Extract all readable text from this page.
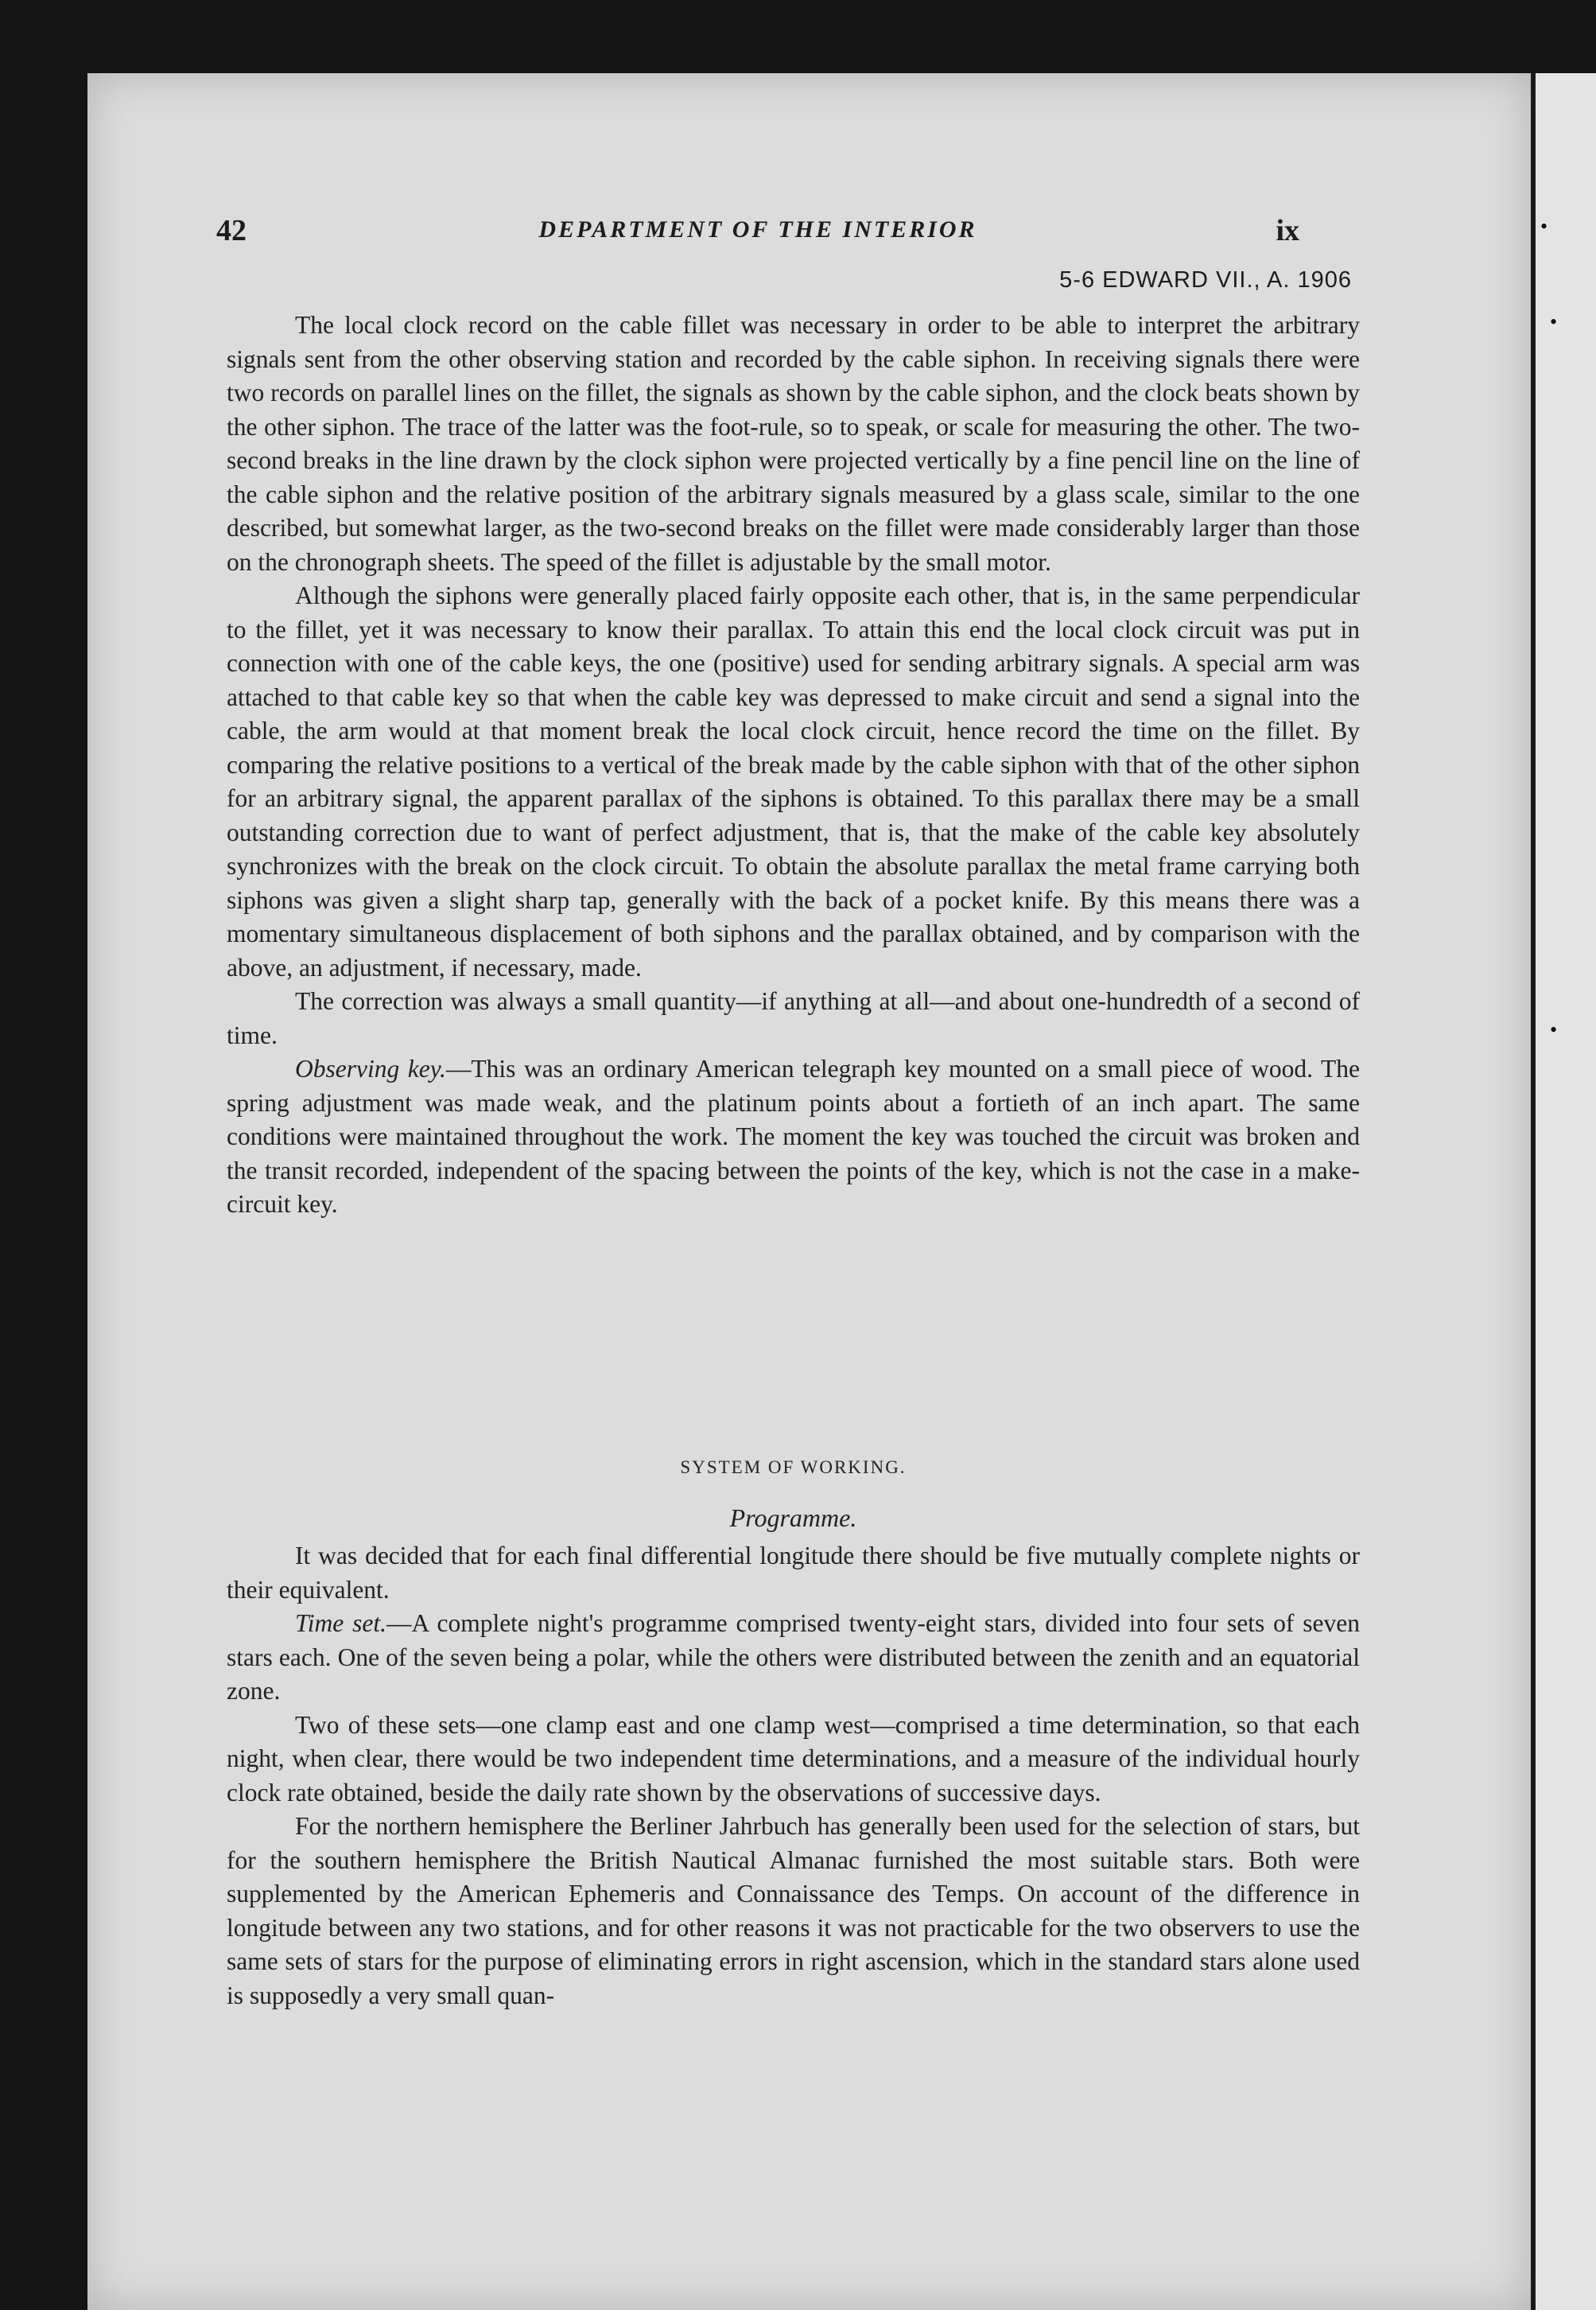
•
•
•
42	DEPARTMENT OF THE INTERIOR	ix
5-6 EDWARD VII., A. 1906

The local clock record on the cable fillet was necessary in order to be able to interpret the arbitrary signals sent from the other observing station and recorded by the cable siphon. In receiving signals there were two records on parallel lines on the fillet, the signals as shown by the cable siphon, and the clock beats shown by the other siphon. The trace of the latter was the foot-rule, so to speak, or scale for measuring the other. The two-second breaks in the line drawn by the clock siphon were projected vertically by a fine pencil line on the line of the cable siphon and the relative position of the arbitrary signals measured by a glass scale, similar to the one described, but somewhat larger, as the two-second breaks on the fillet were made considerably larger than those on the chronograph sheets. The speed of the fillet is adjustable by the small motor.

Although the siphons were generally placed fairly opposite each other, that is, in the same perpendicular to the fillet, yet it was necessary to know their parallax. To attain this end the local clock circuit was put in connection with one of the cable keys, the one (positive) used for sending arbitrary signals. A special arm was attached to that cable key so that when the cable key was depressed to make circuit and send a signal into the cable, the arm would at that moment break the local clock circuit, hence record the time on the fillet. By comparing the relative positions to a vertical of the break made by the cable siphon with that of the other siphon for an arbitrary signal, the apparent parallax of the siphons is obtained. To this parallax there may be a small outstanding correction due to want of perfect adjustment, that is, that the make of the cable key absolutely synchronizes with the break on the clock circuit. To obtain the absolute parallax the metal frame carrying both siphons was given a slight sharp tap, generally with the back of a pocket knife. By this means there was a momentary simultaneous displacement of both siphons and the parallax obtained, and by comparison with the above, an adjustment, if necessary, made.

The correction was always a small quantity—if anything at all—and about one-hundredth of a second of time.

Observing key.—This was an ordinary American telegraph key mounted on a small piece of wood. The spring adjustment was made weak, and the platinum points about a fortieth of an inch apart. The same conditions were maintained throughout the work. The moment the key was touched the circuit was broken and the transit recorded, independent of the spacing between the points of the key, which is not the case in a make-circuit key.

SYSTEM OF WORKING.
Programme.

It was decided that for each final differential longitude there should be five mutually complete nights or their equivalent.

Time set.—A complete night's programme comprised twenty-eight stars, divided into four sets of seven stars each. One of the seven being a polar, while the others were distributed between the zenith and an equatorial zone.

Two of these sets—one clamp east and one clamp west—comprised a time determination, so that each night, when clear, there would be two independent time determinations, and a measure of the individual hourly clock rate obtained, beside the daily rate shown by the observations of successive days.

For the northern hemisphere the Berliner Jahrbuch has generally been used for the selection of stars, but for the southern hemisphere the British Nautical Almanac furnished the most suitable stars. Both were supplemented by the American Ephemeris and Connaissance des Temps. On account of the difference in longitude between any two stations, and for other reasons it was not practicable for the two observers to use the same sets of stars for the purpose of eliminating errors in right ascension, which in the standard stars alone used is supposedly a very small quan-
